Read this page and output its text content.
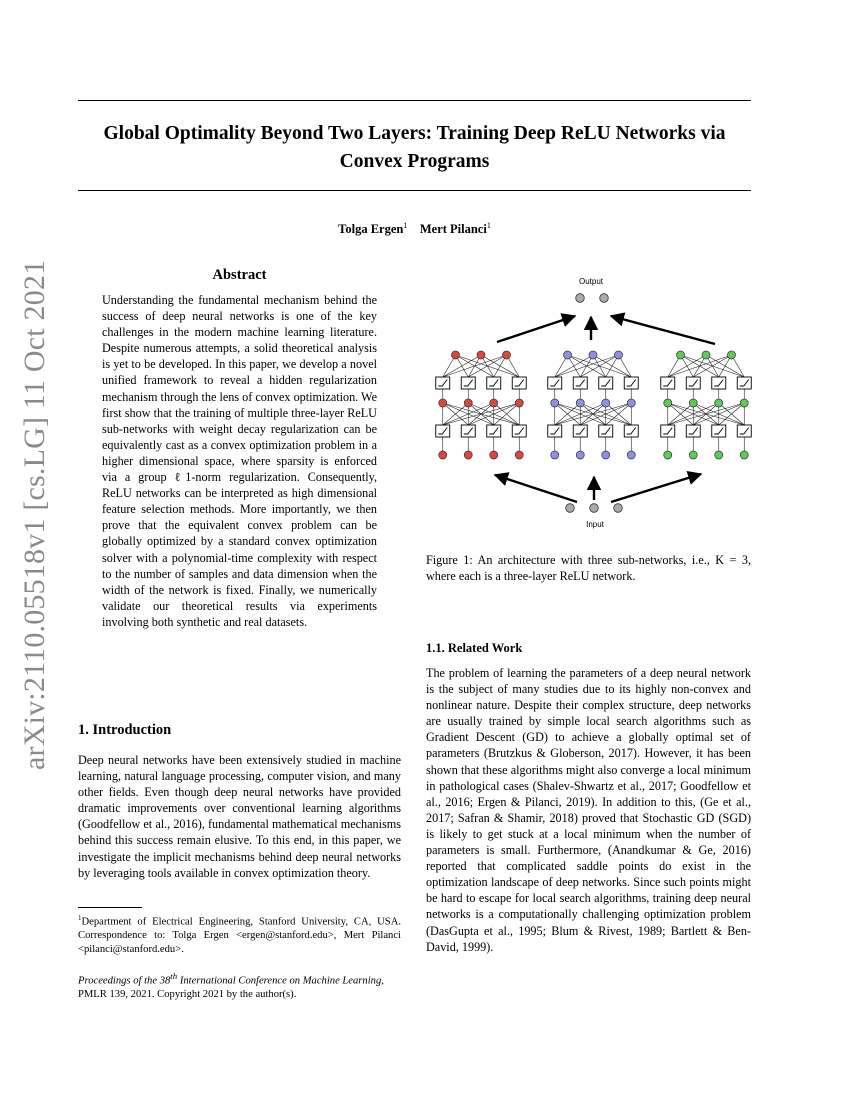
Global Optimality Beyond Two Layers: Training Deep ReLU Networks via Convex Programs
Tolga Ergen$^1$ Mert Pilanci$^1$
arXiv:2110.05518v1 [cs.LG] 11 Oct 2021	Abstract
Understanding the fundamental mechanism behind the success of deep neural networks is one of the key challenges in the modern machine learning literature. Despite numerous attempts, a solid theoretical analysis is yet to be developed. In this paper, we develop a novel unified framework to reveal a hidden regularization mechanism through the lens of convex optimization. We first show that the training of multiple three-layer ReLU sub-networks with weight decay regularization can be equivalently cast as a convex optimization problem in a higher dimensional space, where sparsity is enforced via a group ℓ1-norm regularization. Consequently, ReLU networks can be interpreted as high dimensional feature selection methods. More importantly, we then prove that the equivalent convex problem can be globally optimized by a standard convex optimization solver with a polynomial-time complexity with respect to the number of samples and data dimension when the width of the network is fixed. Finally, we numerically validate our theoretical results via experiments involving both synthetic and real datasets.
1. Introduction
Deep neural networks have been extensively studied in machine learning, natural language processing, computer vision, and many other fields. Even though deep neural networks have provided dramatic improvements over conventional learning algorithms (Goodfellow et al., 2016), fundamental mathematical mechanisms behind this success remain elusive. To this end, in this paper, we investigate the implicit mechanisms behind deep neural networks by leveraging tools available in convex optimization theory.
$^1$Department of Electrical Engineering, Stanford University, CA, USA. Correspondence to: Tolga Ergen <ergen@stanford.edu>, Mert Pilanci <pilanci@stanford.edu>.
Proceedings of the 38th International Conference on Machine Learning, PMLR 139, 2021. Copyright 2021 by the author(s).
Output
Input
Figure 1: An architecture with three sub-networks, i.e., K = 3, where each is a three-layer ReLU network.
1.1. Related Work
The problem of learning the parameters of a deep neural network is the subject of many studies due to its highly non-convex and nonlinear nature. Despite their complex structure, deep networks are usually trained by simple local search algorithms such as Gradient Descent (GD) to achieve a globally optimal set of parameters (Brutzkus & Globerson, 2017). However, it has been shown that these algorithms might also converge a local minimum in pathological cases (Shalev-Shwartz et al., 2017; Goodfellow et al., 2016; Ergen & Pilanci, 2019). In addition to this, (Ge et al., 2017; Safran & Shamir, 2018) proved that Stochastic GD (SGD) is likely to get stuck at a local minimum when the number of parameters is small. Furthermore, (Anandkumar & Ge, 2016) reported that complicated saddle points do exist in the optimization landscape of deep networks. Since such points might be hard to escape for local search algorithms, training deep neural networks is a computationally challenging optimization problem (DasGupta et al., 1995; Blum & Rivest, 1989; Bartlett & Ben-David, 1999).
